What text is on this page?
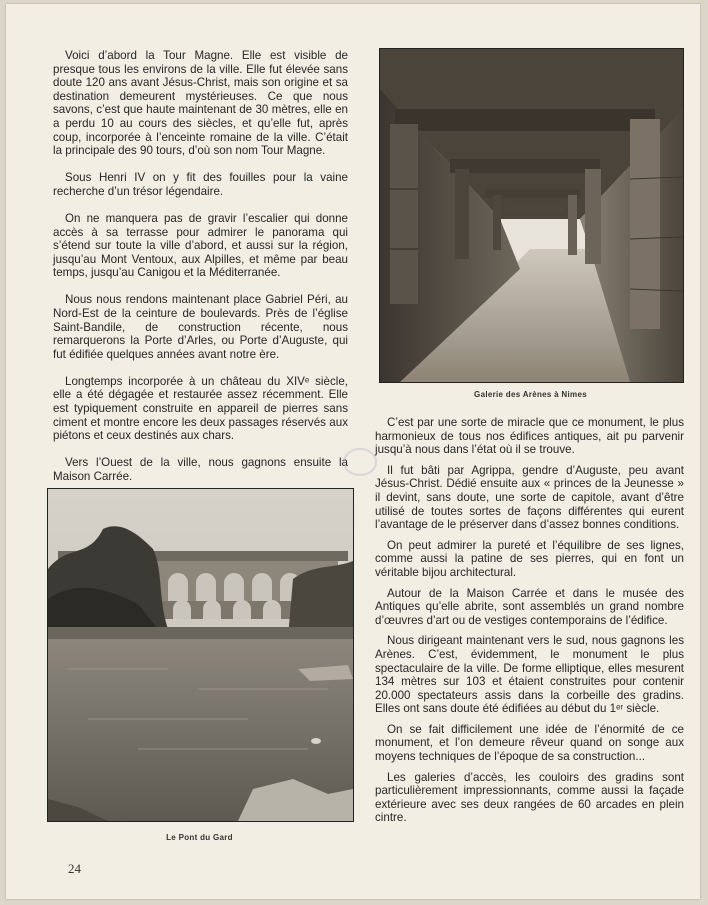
Voici d’abord la Tour Magne. Elle est visible de presque tous les environs de la ville. Elle fut élevée sans doute 120 ans avant Jésus-Christ, mais son origine et sa destination demeurent mystérieuses. Ce que nous savons, c’est que haute maintenant de 30 mètres, elle en a perdu 10 au cours des siècles, et qu’elle fut, après coup, incorporée à l’enceinte romaine de la ville. C’était la principale des 90 tours, d’où son nom Tour Magne.

Sous Henri IV on y fit des fouilles pour la vaine recherche d’un trésor légendaire.

On ne manquera pas de gravir l’escalier qui donne accès à sa terrasse pour admirer le panorama qui s’étend sur toute la ville d’abord, et aussi sur la région, jusqu’au Mont Ventoux, aux Alpilles, et même par beau temps, jusqu’au Canigou et la Méditerranée.

Nous nous rendons maintenant place Gabriel Péri, au Nord-Est de la ceinture de boulevards. Près de l’église Saint-Bandile, de construction récente, nous remarquerons la Porte d’Arles, ou Porte d’Auguste, qui fut édifiée quelques années avant notre ère.

Longtemps incorporée à un château du XIVᵉ siècle, elle a été dégagée et restaurée assez récemment. Elle est typiquement construite en appareil de pierres sans ciment et montre encore les deux passages réservés aux piétons et ceux destinés aux chars.

Vers l’Ouest de la ville, nous gagnons ensuite la Maison Carrée.

Galerie des Arènes à Nimes

C’est par une sorte de miracle que ce monument, le plus harmonieux de tous nos édifices antiques, ait pu parvenir jusqu’à nous dans l’état où il se trouve.

Il fut bâti par Agrippa, gendre d’Auguste, peu avant Jésus-Christ. Dédié ensuite aux « princes de la Jeunesse » il devint, sans doute, une sorte de capitole, avant d’être utilisé de toutes sortes de façons différentes qui eurent l’avantage de le préserver dans d’assez bonnes conditions.

On peut admirer la pureté et l’équilibre de ses lignes, comme aussi la patine de ses pierres, qui en font un véritable bijou architectural.

Autour de la Maison Carrée et dans le musée des Antiques qu’elle abrite, sont assemblés un grand nombre d’œuvres d’art ou de vestiges contemporains de l’édifice.

Nous dirigeant maintenant vers le sud, nous gagnons les Arènes. C’est, évidemment, le monument le plus spectaculaire de la ville. De forme elliptique, elles mesurent 134 mètres sur 103 et étaient construites pour contenir 20.000 spectateurs assis dans la corbeille des gradins. Elles ont sans doute été édifiées au début du 1ᵉʳ siècle.

On se fait difficilement une idée de l’énormité de ce monument, et l’on demeure rêveur quand on songe aux moyens techniques de l’époque de sa construction...

Les galeries d’accès, les couloirs des gradins sont particulièrement impressionnants, comme aussi la façade extérieure avec ses deux rangées de 60 arcades en plein cintre.

Le Pont du Gard
24
